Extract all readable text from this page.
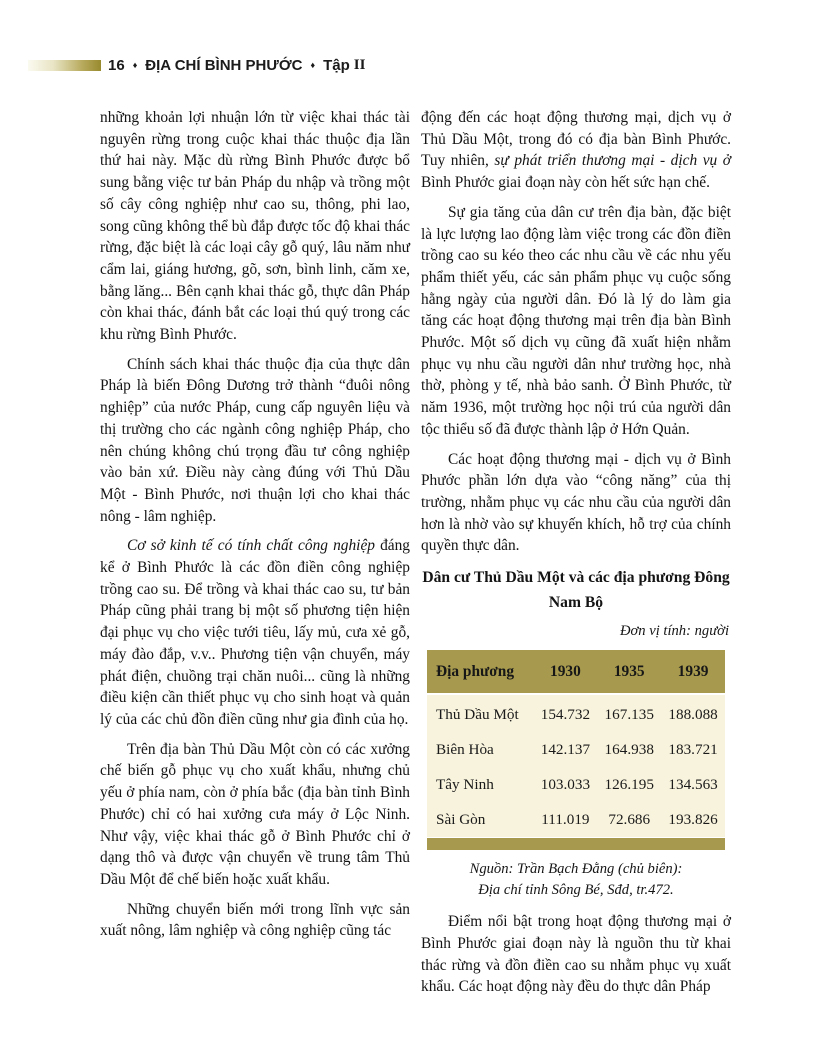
16 ♦ ĐỊA CHÍ BÌNH PHƯỚC ♦ Tập II

những khoản lợi nhuận lớn từ việc khai thác tài nguyên rừng trong cuộc khai thác thuộc địa lần thứ hai này. Mặc dù rừng Bình Phước được bổ sung bằng việc tư bản Pháp du nhập và trồng một số cây công nghiệp như cao su, thông, phi lao, song cũng không thể bù đắp được tốc độ khai thác rừng, đặc biệt là các loại cây gỗ quý, lâu năm như cẩm lai, giáng hương, gõ, sơn, bình linh, căm xe, bằng lăng... Bên cạnh khai thác gỗ, thực dân Pháp còn khai thác, đánh bắt các loại thú quý trong các khu rừng Bình Phước.

Chính sách khai thác thuộc địa của thực dân Pháp là biến Đông Dương trở thành “đuôi nông nghiệp” của nước Pháp, cung cấp nguyên liệu và thị trường cho các ngành công nghiệp Pháp, cho nên chúng không chú trọng đầu tư công nghiệp vào bản xứ. Điều này càng đúng với Thủ Dầu Một - Bình Phước, nơi thuận lợi cho khai thác nông - lâm nghiệp.

Cơ sở kinh tế có tính chất công nghiệp đáng kể ở Bình Phước là các đồn điền công nghiệp trồng cao su. Để trồng và khai thác cao su, tư bản Pháp cũng phải trang bị một số phương tiện hiện đại phục vụ cho việc tưới tiêu, lấy mủ, cưa xẻ gỗ, máy đào đắp, v.v.. Phương tiện vận chuyển, máy phát điện, chuồng trại chăn nuôi... cũng là những điều kiện cần thiết phục vụ cho sinh hoạt và quản lý của các chủ đồn điền cũng như gia đình của họ.

Trên địa bàn Thủ Dầu Một còn có các xưởng chế biến gỗ phục vụ cho xuất khẩu, nhưng chủ yếu ở phía nam, còn ở phía bắc (địa bàn tỉnh Bình Phước) chỉ có hai xưởng cưa máy ở Lộc Ninh. Như vậy, việc khai thác gỗ ở Bình Phước chỉ ở dạng thô và được vận chuyển về trung tâm Thủ Dầu Một để chế biến hoặc xuất khẩu.

Những chuyển biến mới trong lĩnh vực sản xuất nông, lâm nghiệp và công nghiệp cũng tác

động đến các hoạt động thương mại, dịch vụ ở Thủ Dầu Một, trong đó có địa bàn Bình Phước. Tuy nhiên, sự phát triển thương mại - dịch vụ ở Bình Phước giai đoạn này còn hết sức hạn chế.

Sự gia tăng của dân cư trên địa bàn, đặc biệt là lực lượng lao động làm việc trong các đồn điền trồng cao su kéo theo các nhu cầu về các nhu yếu phẩm thiết yếu, các sản phẩm phục vụ cuộc sống hằng ngày của người dân. Đó là lý do làm gia tăng các hoạt động thương mại trên địa bàn Bình Phước. Một số dịch vụ cũng đã xuất hiện nhằm phục vụ nhu cầu người dân như trường học, nhà thờ, phòng y tế, nhà bảo sanh. Ở Bình Phước, từ năm 1936, một trường học nội trú của người dân tộc thiểu số đã được thành lập ở Hớn Quản.

Các hoạt động thương mại - dịch vụ ở Bình Phước phần lớn dựa vào “công năng” của thị trường, nhằm phục vụ các nhu cầu của người dân hơn là nhờ vào sự khuyến khích, hỗ trợ của chính quyền thực dân.

Dân cư Thủ Dầu Một và các địa phương Đông Nam Bộ
Đơn vị tính: người
Địa phương	1930	1935	1939
Thủ Dầu Một	154.732	167.135	188.088
Biên Hòa	142.137	164.938	183.721
Tây Ninh	103.033	126.195	134.563
Sài Gòn	111.019	72.686	193.826
Nguồn: Trần Bạch Đằng (chủ biên):
Địa chí tỉnh Sông Bé, Sđd, tr.472.

Điểm nổi bật trong hoạt động thương mại ở Bình Phước giai đoạn này là nguồn thu từ khai thác rừng và đồn điền cao su nhằm phục vụ xuất khẩu. Các hoạt động này đều do thực dân Pháp
